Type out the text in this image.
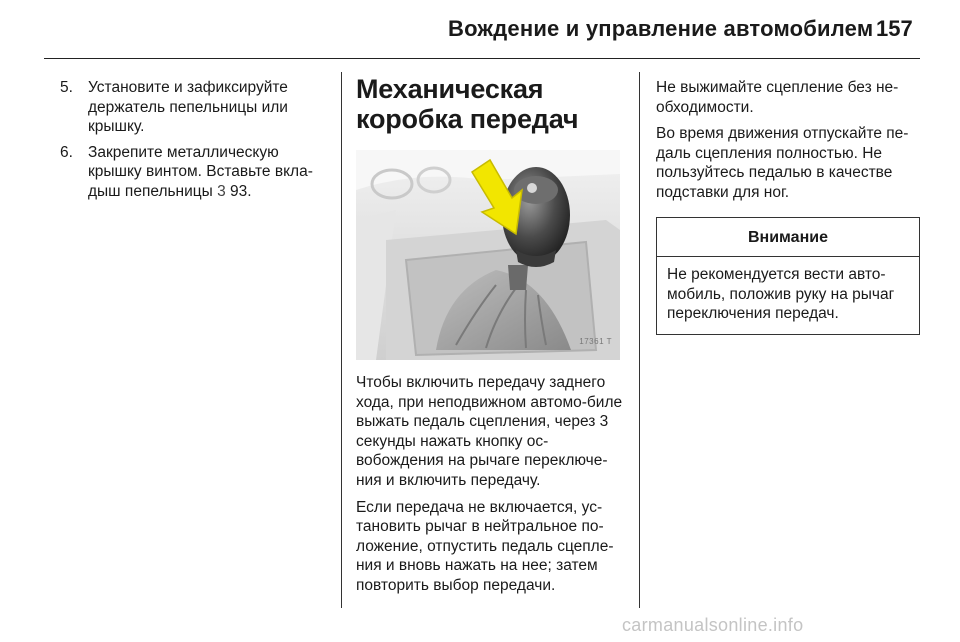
Вождение и управление автомобилем 157
5. Установите и зафиксируйте держатель пепельницы или крышку.
6. Закрепите металлическую крышку винтом. Вставьте вкла-дыш пепельницы 3 93.
Механическая коробка передач
17361 T

Чтобы включить передачу заднего хода, при неподвижном автомо-биле выжать педаль сцепления, через 3 секунды нажать кнопку ос-вобождения на рычаге переключе-ния и включить передачу.

Если передача не включается, ус-тановить рычаг в нейтральное по-ложение, отпустить педаль сцепле-ния и вновь нажать на нее; затем повторить выбор передачи.

Не выжимайте сцепление без не-обходимости.

Во время движения отпускайте пе-даль сцепления полностью. Не пользуйтесь педалью в качестве подставки для ног.

Внимание
Не рекомендуется вести авто-мобиль, положив руку на рычаг переключения передач.
carmanualsonline.info
